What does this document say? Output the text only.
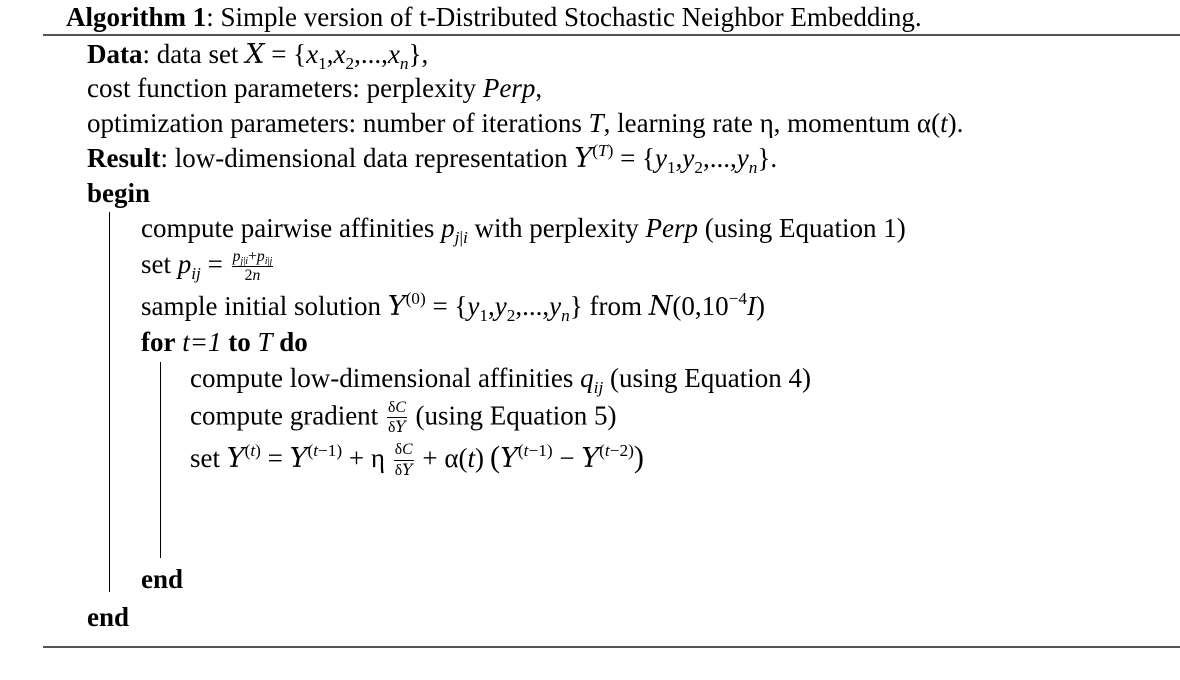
Algorithm 1: Simple version of t-Distributed Stochastic Neighbor Embedding.
Data: data set $X = \{x_1,x_2,...,x_n\}$,
cost function parameters: perplexity Perp,
optimization parameters: number of iterations T, learning rate η, momentum α(t).
Result: low-dimensional data representation $Y^{(T)} = \{y_1,y_2,...,y_n\}$.
begin
compute pairwise affinities $p_{j|i}$ with perplexity Perp (using Equation 1)
set $p_{ij} = \frac{p_{j|i}+p_{i|j}}{2n}$
sample initial solution $Y^{(0)} = \{y_1,y_2,...,y_n\}$ from $N(0,10^{-4}I)$
for t=1 to T do
compute low-dimensional affinities $q_{ij}$ (using Equation 4)
compute gradient $\frac{\delta C}{\delta Y} (using$ Equation 5)
set $Y^{(t)} = Y^{(t-1)} + \eta \frac{\delta C}{\delta Y} + \alpha(t) (Y^{(t-1)} - Y^{(t-2)})$
end
end
